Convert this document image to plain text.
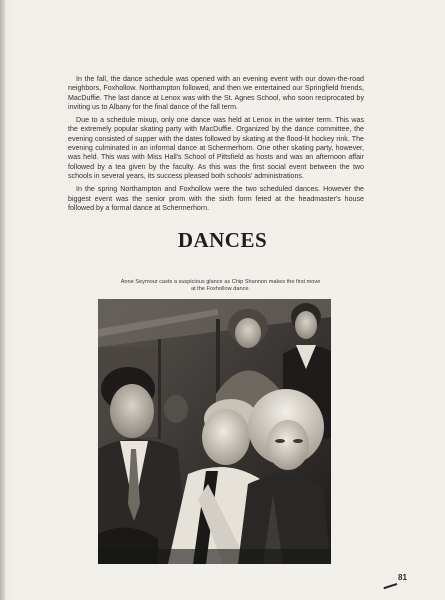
In the fall, the dance schedule was opened with an evening event with our down-the-road neighbors, Foxhollow. Northampton followed, and then we entertained our Springfield friends, MacDuffie. The last dance at Lenox was with the St. Agnes School, who soon reciprocated by inviting us to Albany for the final dance of the fall term.

Due to a schedule mixup, only one dance was held at Lenox in the winter term. This was the extremely popular skating party with MacDuffie. Organized by the dance committee, the evening consisted of supper with the dates followed by skating at the flood-lit hockey rink. The evening culminated in an informal dance at Schermerhorn. One other skating party, however, was held. This was with Miss Hall's School of Pittsfield as hosts and was an afternoon affair followed by a tea given by the faculty. As this was the first social event between the two schools in several years, its success pleased both schools' administrations.

In the spring Northampton and Foxhollow were the two scheduled dances. However the biggest event was the senior prom with the sixth form feted at the headmaster's house followed by a formal dance at Schermerhorn.

DANCES
Anne Seymour casts a suspicious glance as Chip Shannon makes the first move at the Foxhollow dance.
81
